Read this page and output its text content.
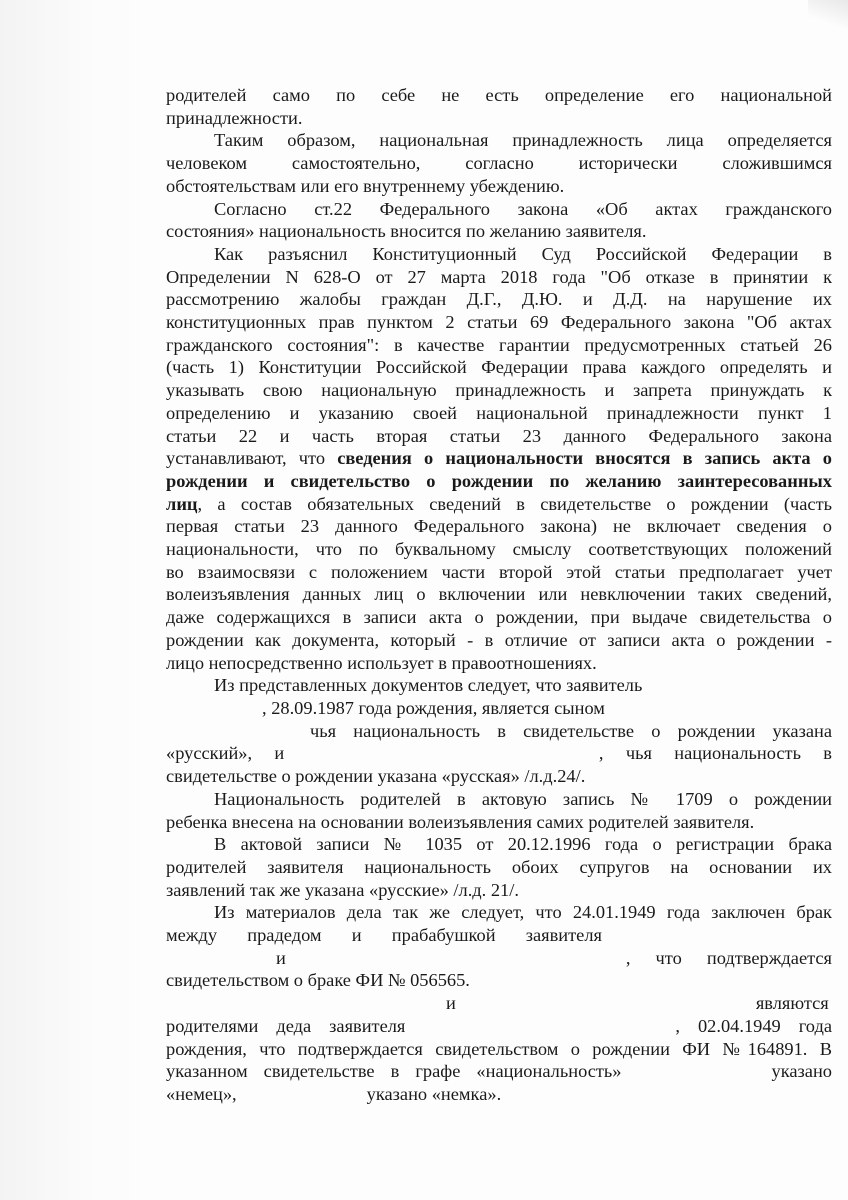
родителей само по себе не есть определение его национальной
принадлежности.

Таким образом, национальная принадлежность лица определяется
человеком самостоятельно, согласно исторически сложившимся
обстоятельствам или его внутреннему убеждению.

Согласно ст.22 Федерального закона «Об актах гражданского
состояния» национальность вносится по желанию заявителя.

Как разъяснил Конституционный Суд Российской Федерации в
Определении N 628-О от 27 марта 2018 года "Об отказе в принятии к
рассмотрению жалобы граждан Д.Г., Д.Ю. и Д.Д. на нарушение их
конституционных прав пунктом 2 статьи 69 Федерального закона "Об актах
гражданского состояния": в качестве гарантии предусмотренных статьей 26
(часть 1) Конституции Российской Федерации права каждого определять и
указывать свою национальную принадлежность и запрета принуждать к
определению и указанию своей национальной принадлежности пункт 1
статьи 22 и часть вторая статьи 23 данного Федерального закона
устанавливают, что сведения о национальности вносятся в запись акта о
рождении и свидетельство о рождении по желанию заинтересованных
лиц, а состав обязательных сведений в свидетельстве о рождении (часть
первая статьи 23 данного Федерального закона) не включает сведения о
национальности, что по буквальному смыслу соответствующих положений
во взаимосвязи с положением части второй этой статьи предполагает учет
волеизъявления данных лиц о включении или невключении таких сведений,
даже содержащихся в записи акта о рождении, при выдаче свидетельства о
рождении как документа, который - в отличие от записи акта о рождении -
лицо непосредственно использует в правоотношениях.

Из представленных документов следует, что заявитель
, 28.09.1987 года рождения, является сыном
чья национальность в свидетельстве о рождении указана
«русский», и	, чья национальность в
свидетельстве о рождении указана «русская» /л.д.24/.

Национальность родителей в актовую запись № 1709 о рождении
ребенка внесена на основании волеизъявления самих родителей заявителя.

В актовой записи № 1035 от 20.12.1996 года о регистрации брака
родителей заявителя национальность обоих супругов на основании их
заявлений так же указана «русские» /л.д. 21/.

Из материалов дела так же следует, что 24.01.1949 года заключен брак
между прадедом и прабабушкой заявителя
и	, что подтверждается
свидетельством о браке ФИ № 056565.

и	являются
родителями деда заявителя	, 02.04.1949 года
рождения, что подтверждается свидетельством о рождении ФИ №164891. В
указанном свидетельстве в графе «национальность»	указано
«немец»,	указано «немка».
